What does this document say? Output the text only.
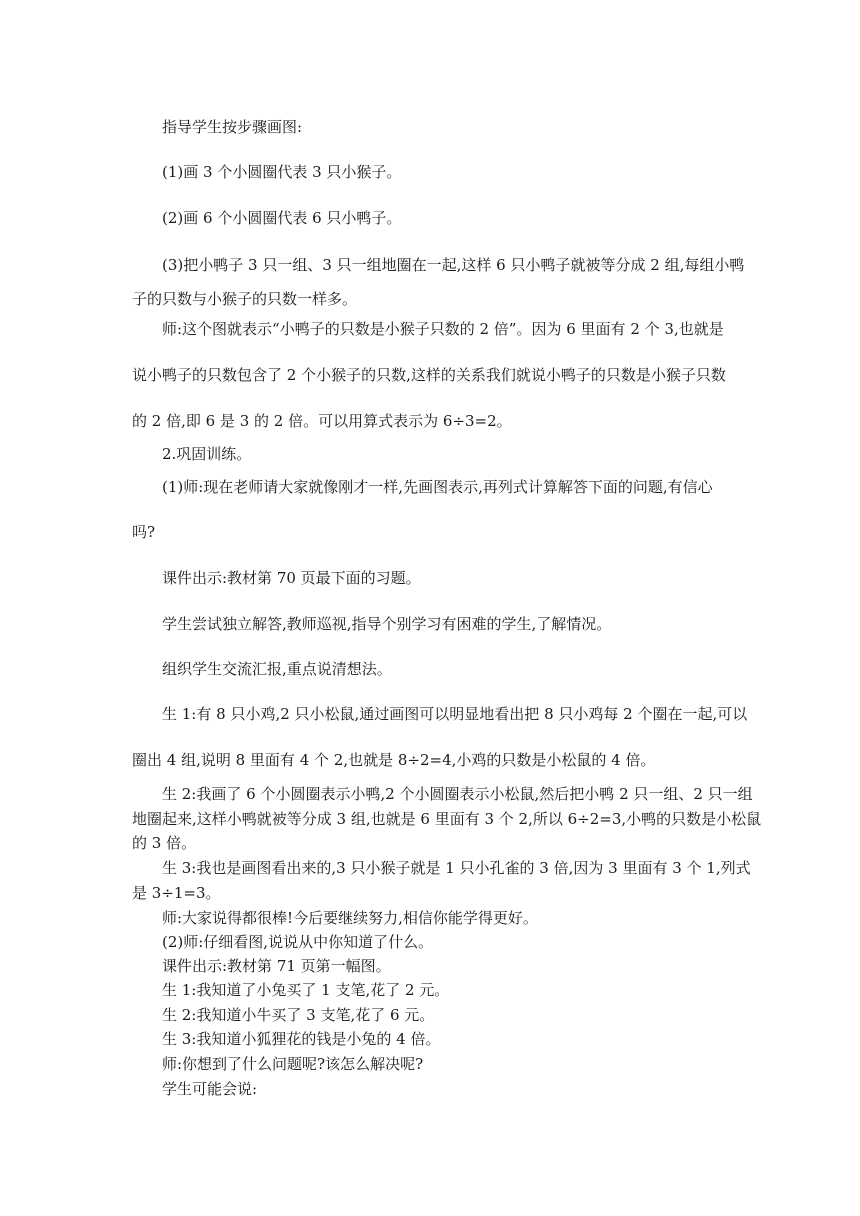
指导学生按步骤画图:
(1)画 3 个小圆圈代表 3 只小猴子。
(2)画 6 个小圆圈代表 6 只小鸭子。
(3)把小鸭子 3 只一组、3 只一组地圈在一起,这样 6 只小鸭子就被等分成 2 组,每组小鸭
子的只数与小猴子的只数一样多。
师:这个图就表示“小鸭子的只数是小猴子只数的 2 倍”。因为 6 里面有 2 个 3,也就是
说小鸭子的只数包含了 2 个小猴子的只数,这样的关系我们就说小鸭子的只数是小猴子只数
的 2 倍,即 6 是 3 的 2 倍。可以用算式表示为 6÷3=2。
2.巩固训练。
(1)师:现在老师请大家就像刚才一样,先画图表示,再列式计算解答下面的问题,有信心
吗?
课件出示:教材第 70 页最下面的习题。
学生尝试独立解答,教师巡视,指导个别学习有困难的学生,了解情况。
组织学生交流汇报,重点说清想法。
生 1:有 8 只小鸡,2 只小松鼠,通过画图可以明显地看出把 8 只小鸡每 2 个圈在一起,可以
圈出 4 组,说明 8 里面有 4 个 2,也就是 8÷2=4,小鸡的只数是小松鼠的 4 倍。
生 2:我画了 6 个小圆圈表示小鸭,2 个小圆圈表示小松鼠,然后把小鸭 2 只一组、2 只一组
地圈起来,这样小鸭就被等分成 3 组,也就是 6 里面有 3 个 2,所以 6÷2=3,小鸭的只数是小松鼠
的 3 倍。
生 3:我也是画图看出来的,3 只小猴子就是 1 只小孔雀的 3 倍,因为 3 里面有 3 个 1,列式
是 3÷1=3。
师:大家说得都很棒!今后要继续努力,相信你能学得更好。
(2)师:仔细看图,说说从中你知道了什么。
课件出示:教材第 71 页第一幅图。
生 1:我知道了小兔买了 1 支笔,花了 2 元。
生 2:我知道小牛买了 3 支笔,花了 6 元。
生 3:我知道小狐狸花的钱是小兔的 4 倍。
师:你想到了什么问题呢?该怎么解决呢?
学生可能会说:
